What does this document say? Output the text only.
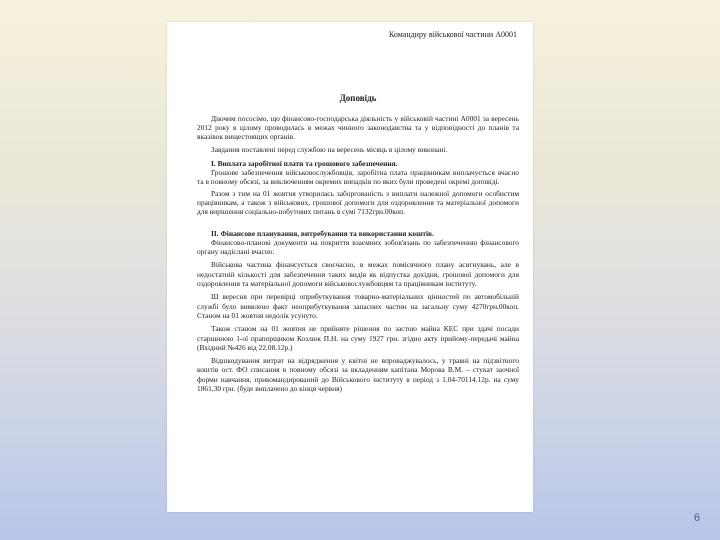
Командиру військової частини А0001
Доповідь
Діючим пососімо, що фінансово-господарська діяльність у військовій частині А0001 за вересень 2012 року в цілому проводилась в межах чинного законодавства та у відповідності до планів та вказівок вищестоящих органів.
Завдання поставлені перед службою на вересень місяць в цілому виконані.
І. Виплата заробітної плати та грошового забезпечення.
Грошове забезпечення військовослужбовців, заробітна плата працівникам виплачується вчасно та в повному обсязі, за виключенням окремих випадків по яких були проведені окремі доповіді.
Разом з тим на 01 жовтня утворилась заборгованість з виплати належної допомоги особистим працівникам, а також з військових, грошової допомоги для оздоровлення та матеріальної допомоги для вирішення соціально-побутових питань в сумі 7132грн.00коп.
ІІ. Фінансове планування, витребування та використання коштів.
Фінансово-планові документи на покриття взаємних зобов'язань по забезпеченню фінансового органу надіслані вчасно.
Військова частина фінансується своєчасно, в межах помісячного плану асигнувань, але в недостатній кількості для забезпечення таких видів як відпустка дохідня, грошової допомоги для оздоровлення та матеріальної допомоги військовослужбовцям та працівникам інституту.
Ш вересня при перевірці оприбуткування товарно-матеріальних цінностей по автомобільній службі було виявлено факт неоприбуткування запасних частин на загальну суму 4270грн.00коп. Станом на 01 жовтня недолік усунуто.
Також станом на 01 жовтня не прийняте рішення по застою майна КЕС при здачі посади старшиною 1-ої прапорщиком Козлюк П.Н. на суму 1927 грн. згідно акту прийому-передачі майна (Вхідний №426 від 22.08.12р.)
Відшкодування витрат на відрядження у квітні не впроваджувалось, у травні на підзвітного коштів ост. ФО списання в повному обсязі за вкладенням капітана Морова В.М. – стукат заочної форми навчання, прикомандирований до Військового інституту в період з 1.04-70114.12р. на суму 1861,30 грн. (буде виплачено до кінця червня)
6
